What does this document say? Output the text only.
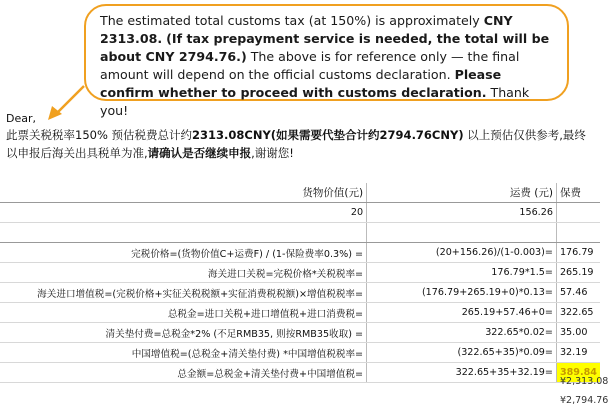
The estimated total customs tax (at 150%) is approximately CNY 2313.08. (If tax prepayment service is needed, the total will be about CNY 2794.76.) The above is for reference only — the final amount will depend on the official customs declaration. Please confirm whether to proceed with customs declaration. Thank you!
Dear,
此票关税税率150% 预估税费总计约2313.08CNY(如果需要代垫合计约2794.76CNY) 以上预估仅供参考,最终以申报后海关出具税单为准,请确认是否继续申报,谢谢您!
货物价值(元)	运费 (元)	保费
20	156.26	

完税价格=(货物价值C+运费F) / (1-保险费率0.3%) =	(20+156.26)/(1-0.003)=	176.79
海关进口关税=完税价格*关税税率=	176.79*1.5=	265.19
海关进口增值税=(完税价格+实征关税税额+实征消费税税额)×增值税税率=	(176.79+265.19+0)*0.13=	57.46
总税金=进口关税+进口增值税+进口消费税=	265.19+57.46+0=	322.65
清关垫付费=总税金*2% (不足RMB35, 则按RMB35收取) =	322.65*0.02=	35.00
中国增值税=(总税金+清关垫付费) *中国增值税税率=	(322.65+35)*0.09=	32.19
总金额=总税金+清关垫付费+中国增值税=	322.65+35+32.19=	389.84
¥2,313.08
¥2,794.76
